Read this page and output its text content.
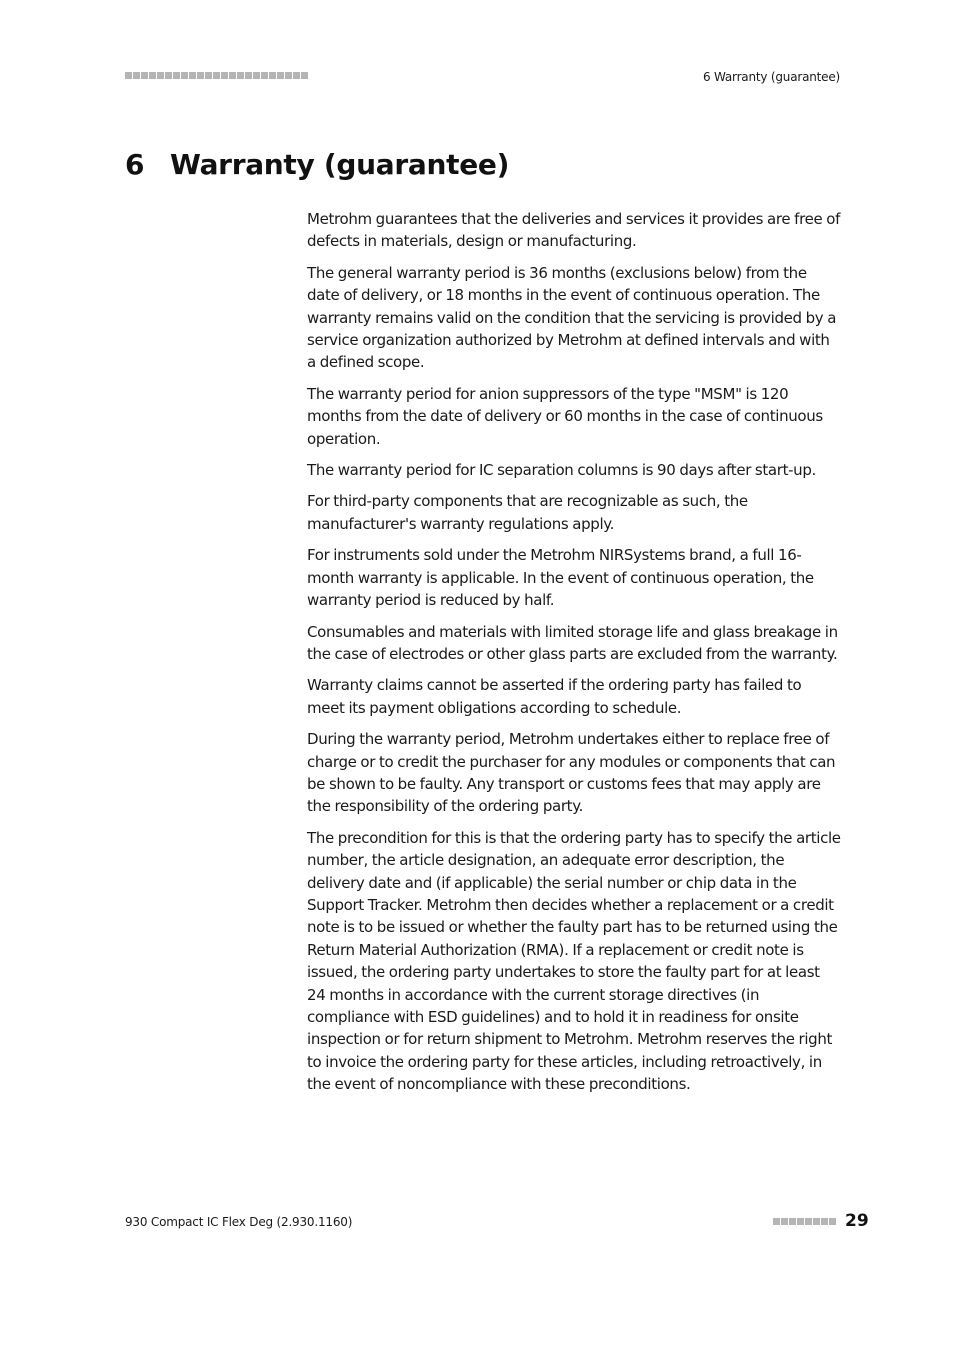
6 Warranty (guarantee)
6 Warranty (guarantee)

Metrohm guarantees that the deliveries and services it provides are free of defects in materials, design or manufacturing.

The general warranty period is 36 months (exclusions below) from the date of delivery, or 18 months in the event of continuous operation. The warranty remains valid on the condition that the servicing is provided by a service organization authorized by Metrohm at defined intervals and with a defined scope.

The warranty period for anion suppressors of the type "MSM" is 120 months from the date of delivery or 60 months in the case of continuous operation.

The warranty period for IC separation columns is 90 days after start-up.

For third-party components that are recognizable as such, the manufacturer's warranty regulations apply.

For instruments sold under the Metrohm NIRSystems brand, a full 16-month warranty is applicable. In the event of continuous operation, the warranty period is reduced by half.

Consumables and materials with limited storage life and glass breakage in the case of electrodes or other glass parts are excluded from the warranty.

Warranty claims cannot be asserted if the ordering party has failed to meet its payment obligations according to schedule.

During the warranty period, Metrohm undertakes either to replace free of charge or to credit the purchaser for any modules or components that can be shown to be faulty. Any transport or customs fees that may apply are the responsibility of the ordering party.

The precondition for this is that the ordering party has to specify the article number, the article designation, an adequate error description, the delivery date and (if applicable) the serial number or chip data in the Support Tracker. Metrohm then decides whether a replacement or a credit note is to be issued or whether the faulty part has to be returned using the Return Material Authorization (RMA). If a replacement or credit note is issued, the ordering party undertakes to store the faulty part for at least 24 months in accordance with the current storage directives (in compliance with ESD guidelines) and to hold it in readiness for onsite inspection or for return shipment to Metrohm. Metrohm reserves the right to invoice the ordering party for these articles, including retroactively, in the event of noncompliance with these preconditions.

930 Compact IC Flex Deg (2.930.1160)	29
